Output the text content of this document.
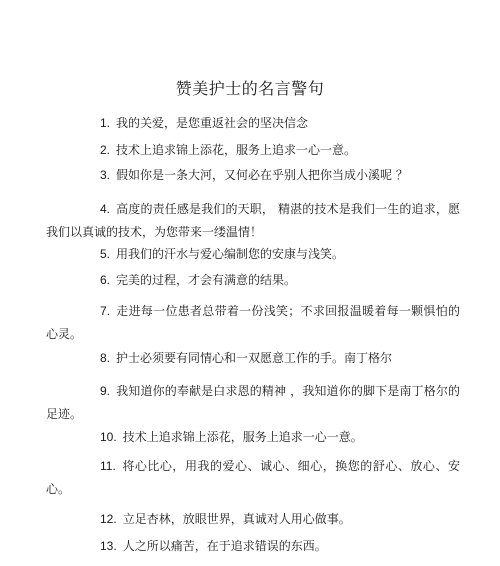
赞美护士的名言警句
1. 我的关爱，是您重返社会的坚决信念
2. 技术上追求锦上添花，服务上追求一心一意。
3. 假如你是一条大河，又何必在乎别人把你当成小溪呢 ？
4. 高度的责任感是我们的天职， 精湛的技术是我们一生的追求，愿我们以真诚的技术，为您带来一缕温情！
5. 用我们的汗水与爱心编制您的安康与浅笑。
6. 完美的过程，才会有满意的结果。
7. 走进每一位患者总带着一份浅笑；不求回报温暖着每一颗惧怕的心灵。
8. 护士必须要有同情心和一双愿意工作的手。南丁格尔
9. 我知道你的奉献是白求恩的精神 ，我知道你的脚下是南丁格尔的足迹。
10. 技术上追求锦上添花，服务上追求一心一意。
11. 将心比心，用我的爱心、诚心、细心，换您的舒心、放心、安心。
12. 立足杏林，放眼世界，真诚对人用心做事。
13. 人之所以痛苦，在于追求错误的东西。
